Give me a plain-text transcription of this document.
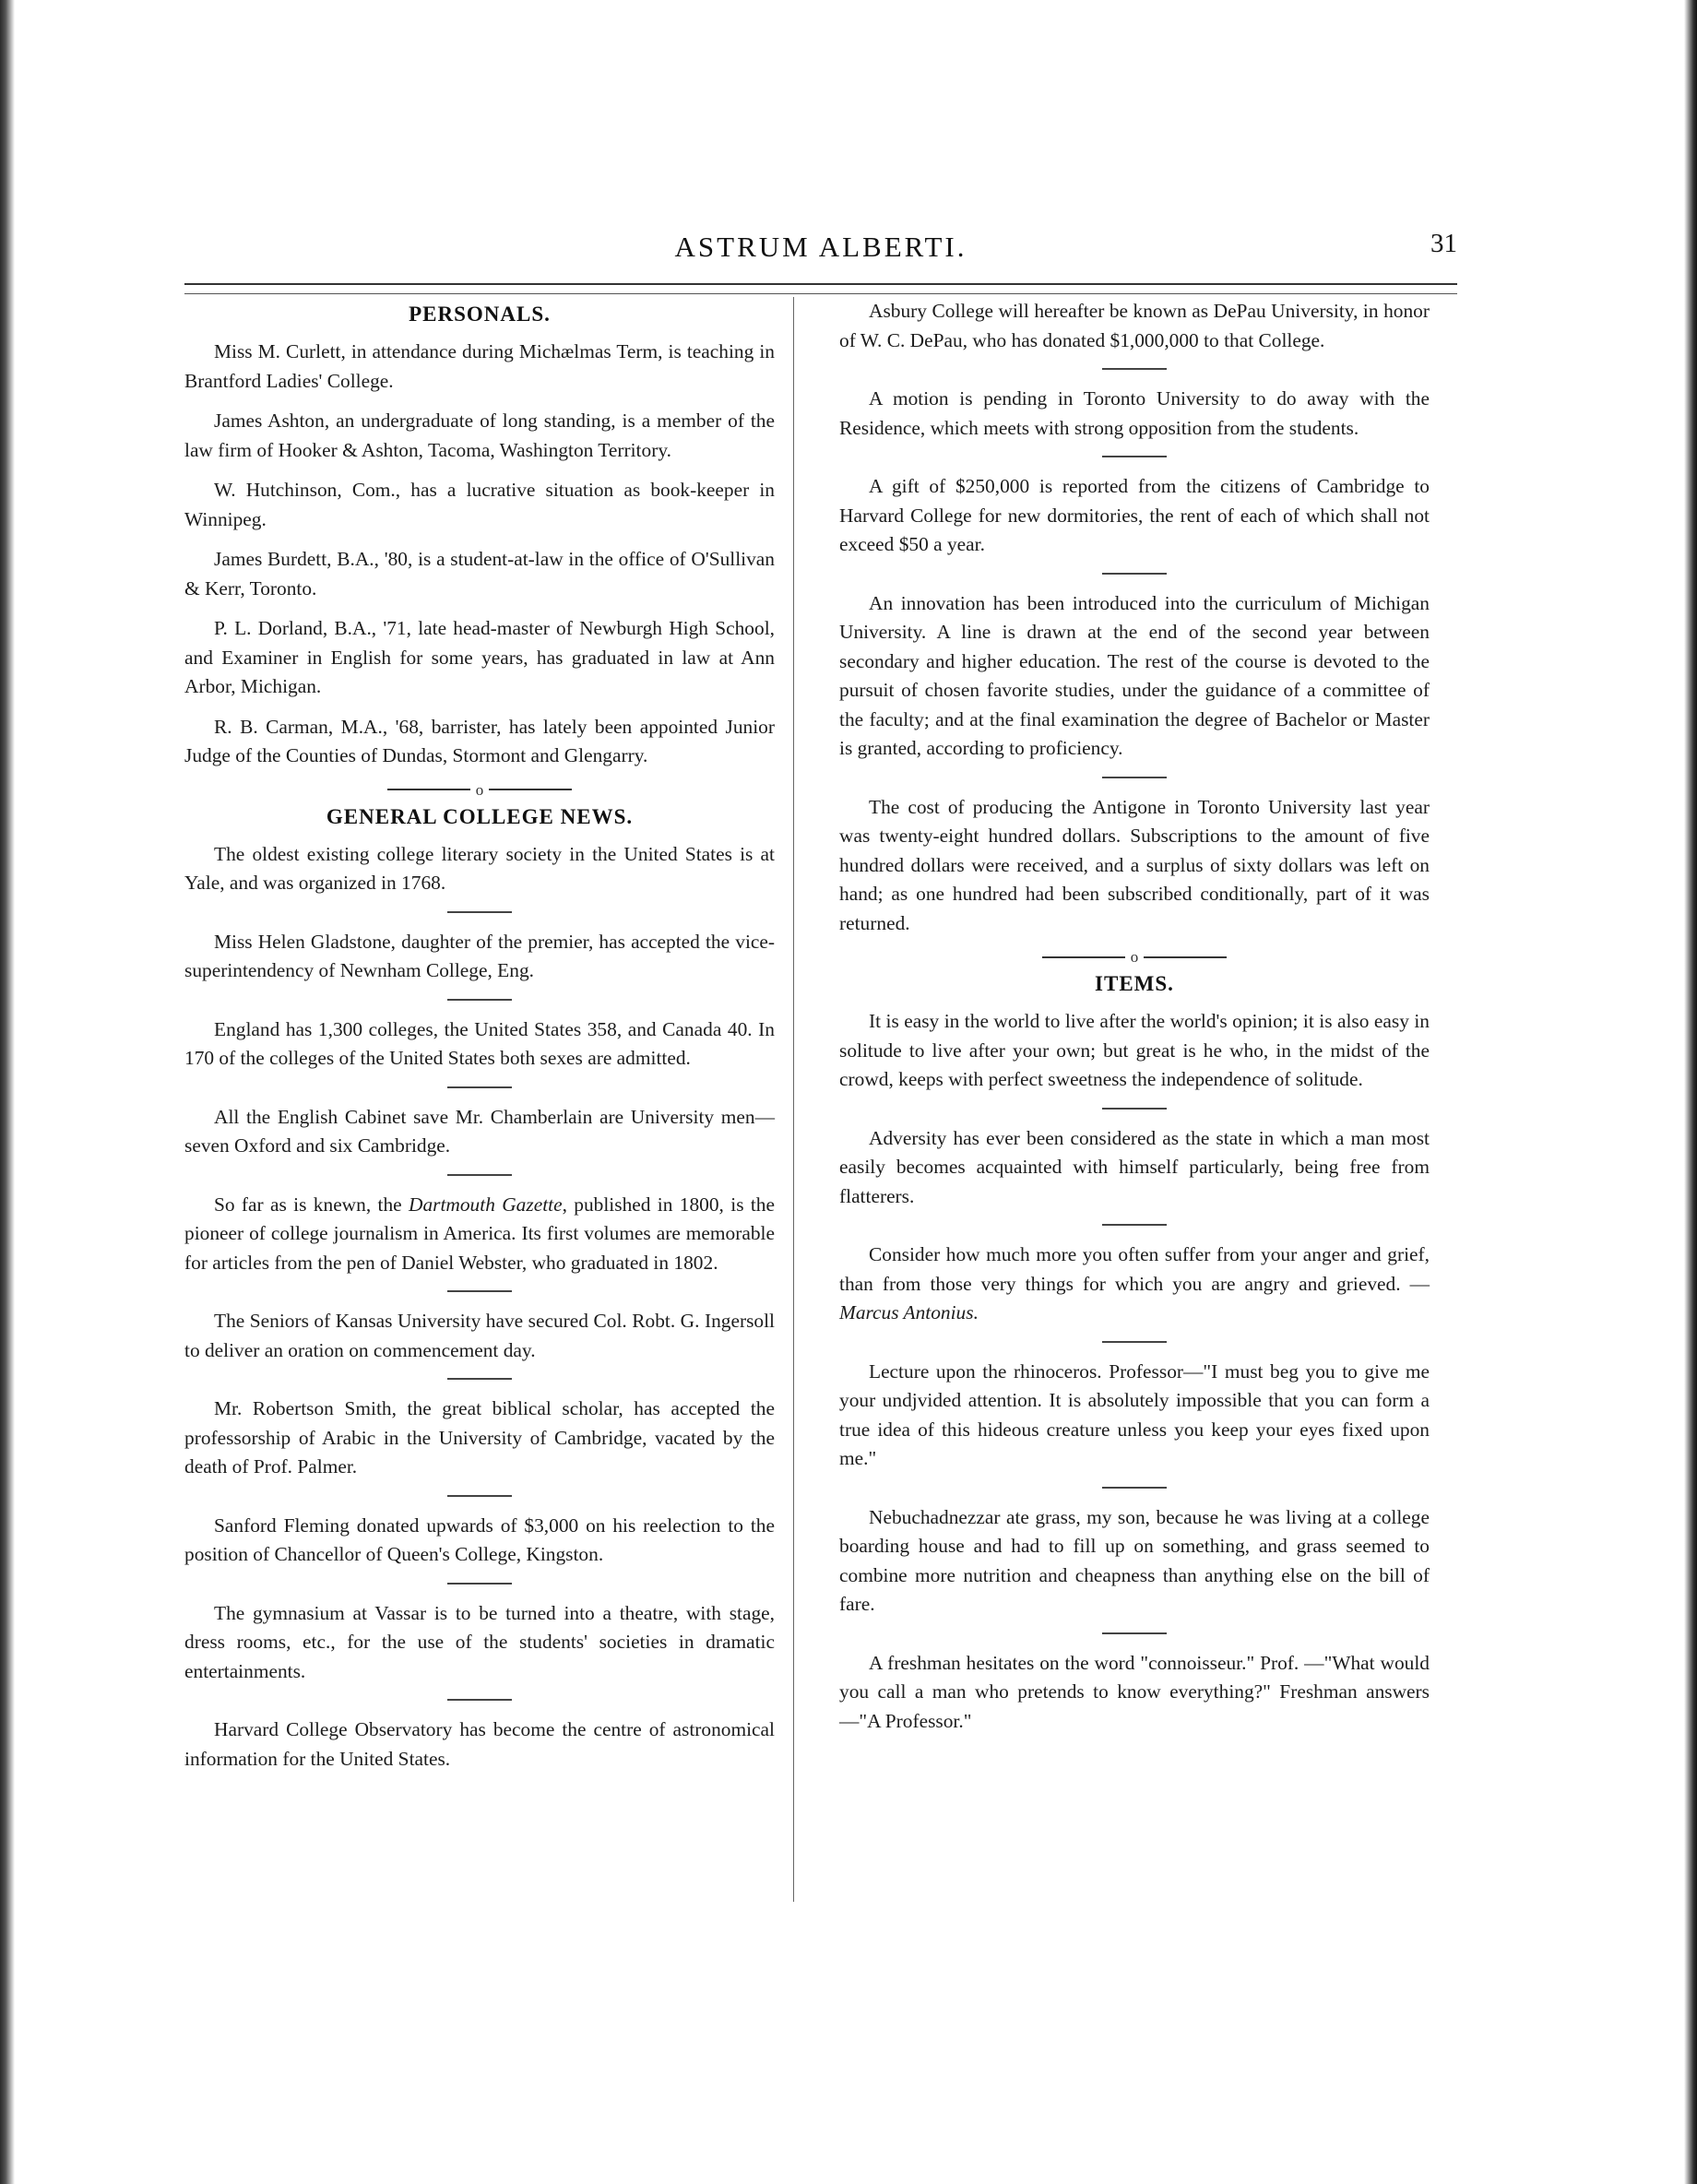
ASTRUM ALBERTI.	31
PERSONALS.

Miss M. Curlett, in attendance during Michælmas Term, is teaching in Brantford Ladies' College.

James Ashton, an undergraduate of long standing, is a member of the law firm of Hooker & Ashton, Tacoma, Washington Territory.

W. Hutchinson, Com., has a lucrative situation as book-keeper in Winnipeg.

James Burdett, B.A., '80, is a student-at-law in the office of O'Sullivan & Kerr, Toronto.

P. L. Dorland, B.A., '71, late head-master of Newburgh High School, and Examiner in English for some years, has graduated in law at Ann Arbor, Michigan.

R. B. Carman, M.A., '68, barrister, has lately been appointed Junior Judge of the Counties of Dundas, Stormont and Glengarry.

o
GENERAL COLLEGE NEWS.

The oldest existing college literary society in the United States is at Yale, and was organized in 1768.

Miss Helen Gladstone, daughter of the premier, has accepted the vice-superintendency of Newnham College, Eng.

England has 1,300 colleges, the United States 358, and Canada 40. In 170 of the colleges of the United States both sexes are admitted.

All the English Cabinet save Mr. Chamberlain are University men—seven Oxford and six Cambridge.

So far as is knewn, the Dartmouth Gazette, published in 1800, is the pioneer of college journalism in America. Its first volumes are memorable for articles from the pen of Daniel Webster, who graduated in 1802.

The Seniors of Kansas University have secured Col. Robt. G. Ingersoll to deliver an oration on commencement day.

Mr. Robertson Smith, the great biblical scholar, has accepted the professorship of Arabic in the University of Cambridge, vacated by the death of Prof. Palmer.

Sanford Fleming donated upwards of $3,000 on his reelection to the position of Chancellor of Queen's College, Kingston.

The gymnasium at Vassar is to be turned into a theatre, with stage, dress rooms, etc., for the use of the students' societies in dramatic entertainments.

Harvard College Observatory has become the centre of astronomical information for the United States.

Asbury College will hereafter be known as DePau University, in honor of W. C. DePau, who has donated $1,000,000 to that College.

A motion is pending in Toronto University to do away with the Residence, which meets with strong opposition from the students.

A gift of $250,000 is reported from the citizens of Cambridge to Harvard College for new dormitories, the rent of each of which shall not exceed $50 a year.

An innovation has been introduced into the curriculum of Michigan University. A line is drawn at the end of the second year between secondary and higher education. The rest of the course is devoted to the pursuit of chosen favorite studies, under the guidance of a committee of the faculty; and at the final examination the degree of Bachelor or Master is granted, according to proficiency.

The cost of producing the Antigone in Toronto University last year was twenty-eight hundred dollars. Subscriptions to the amount of five hundred dollars were received, and a surplus of sixty dollars was left on hand; as one hundred had been subscribed conditionally, part of it was returned.

o
ITEMS.

It is easy in the world to live after the world's opinion; it is also easy in solitude to live after your own; but great is he who, in the midst of the crowd, keeps with perfect sweetness the independence of solitude.

Adversity has ever been considered as the state in which a man most easily becomes acquainted with himself particularly, being free from flatterers.

Consider how much more you often suffer from your anger and grief, than from those very things for which you are angry and grieved. —Marcus Antonius.

Lecture upon the rhinoceros. Professor—"I must beg you to give me your undjvided attention. It is absolutely impossible that you can form a true idea of this hideous creature unless you keep your eyes fixed upon me."

Nebuchadnezzar ate grass, my son, because he was living at a college boarding house and had to fill up on something, and grass seemed to combine more nutrition and cheapness than anything else on the bill of fare.

A freshman hesitates on the word "connoisseur." Prof. —"What would you call a man who pretends to know everything?" Freshman answers—"A Professor."
